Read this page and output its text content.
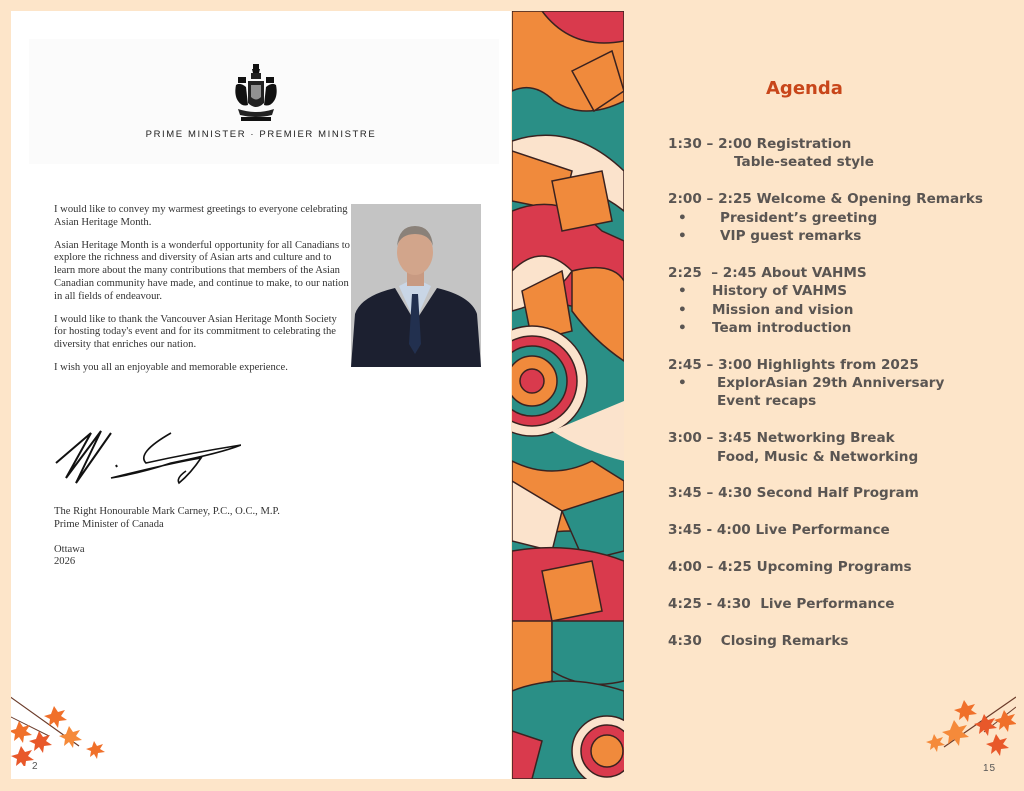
PRIME MINISTER · PREMIER MINISTRE

I would like to convey my warmest greetings to everyone celebrating Asian Heritage Month.

Asian Heritage Month is a wonderful opportunity for all Canadians to explore the richness and diversity of Asian arts and culture and to learn more about the many contributions that members of the Asian Canadian community have made, and continue to make, to our nation in all fields of endeavour.

I would like to thank the Vancouver Asian Heritage Month Society for hosting today's event and for its commitment to celebrating the diversity that enriches our nation.

I wish you all an enjoyable and memorable experience.

The Right Honourable Mark Carney, P.C., O.C., M.P.
Prime Minister of Canada
Ottawa
2026
2
Agenda
1:30 – 2:00 Registration
Table-seated style
2:00 – 2:25 Welcome & Opening Remarks
• President’s greeting
• VIP guest remarks
2:25  – 2:45 About VAHMS
• History of VAHMS
• Mission and vision
• Team introduction
2:45 – 3:00 Highlights from 2025
• ExplorAsian 29th Anniversary
Event recaps
3:00 – 3:45 Networking Break
Food, Music & Networking
3:45 – 4:30 Second Half Program
3:45 - 4:00 Live Performance
4:00 – 4:25 Upcoming Programs
4:25 - 4:30  Live Performance
4:30    Closing Remarks
15
